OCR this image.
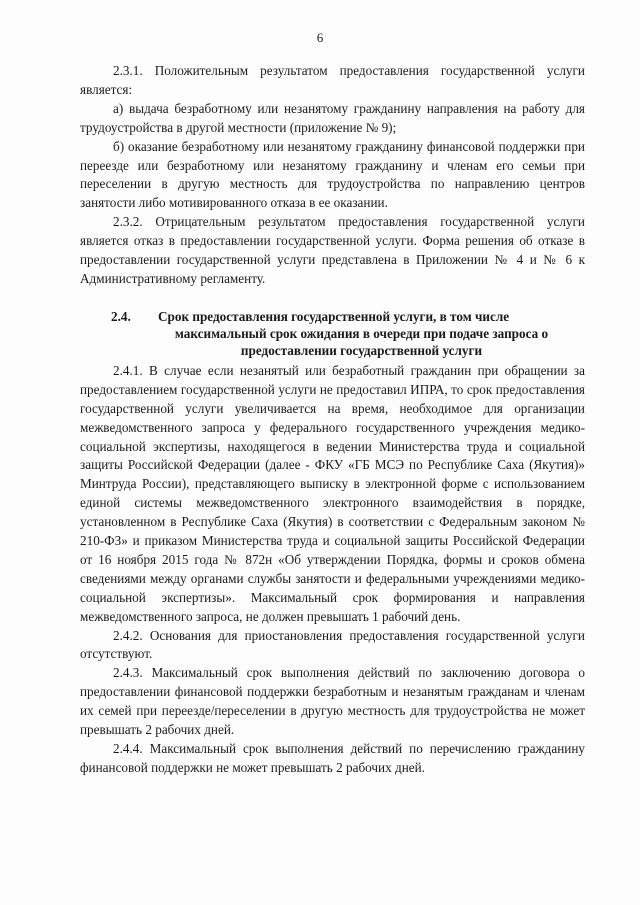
6

2.3.1. Положительным результатом предоставления государственной услуги является:

а) выдача безработному или незанятому гражданину направления на работу для трудоустройства в другой местности (приложение № 9);

б) оказание безработному или незанятому гражданину финансовой поддержки при переезде или безработному или незанятому гражданину и членам его семьи при переселении в другую местность для трудоустройства по направлению центров занятости либо мотивированного отказа в ее оказании.

2.3.2. Отрицательным результатом предоставления государственной услуги является отказ в предоставлении государственной услуги. Форма решения об отказе в предоставлении государственной услуги представлена в Приложении № 4 и № 6 к Административному регламенту.

2.4. Срок предоставления государственной услуги, в том числе
максимальный срок ожидания в очереди при подаче запроса о
предоставлении государственной услуги

2.4.1. В случае если незанятый или безработный гражданин при обращении за предоставлением государственной услуги не предоставил ИПРА, то срок предоставления государственной услуги увеличивается на время, необходимое для организации межведомственного запроса у федерального государственного учреждения медико-социальной экспертизы, находящегося в ведении Министерства труда и социальной защиты Российской Федерации (далее - ФКУ «ГБ МСЭ по Республике Саха (Якутия)» Минтруда России), представляющего выписку в электронной форме с использованием единой системы межведомственного электронного взаимодействия в порядке, установленном в Республике Саха (Якутия) в соответствии с Федеральным законом № 210-ФЗ» и приказом Министерства труда и социальной защиты Российской Федерации от 16 ноября 2015 года № 872н «Об утверждении Порядка, формы и сроков обмена сведениями между органами службы занятости и федеральными учреждениями медико-социальной экспертизы». Максимальный срок формирования и направления межведомственного запроса, не должен превышать 1 рабочий день.

2.4.2. Основания для приостановления предоставления государственной услуги отсутствуют.

2.4.3. Максимальный срок выполнения действий по заключению договора о предоставлении финансовой поддержки безработным и незанятым гражданам и членам их семей при переезде/переселении в другую местность для трудоустройства не может превышать 2 рабочих дней.

2.4.4. Максимальный срок выполнения действий по перечислению гражданину финансовой поддержки не может превышать 2 рабочих дней.
